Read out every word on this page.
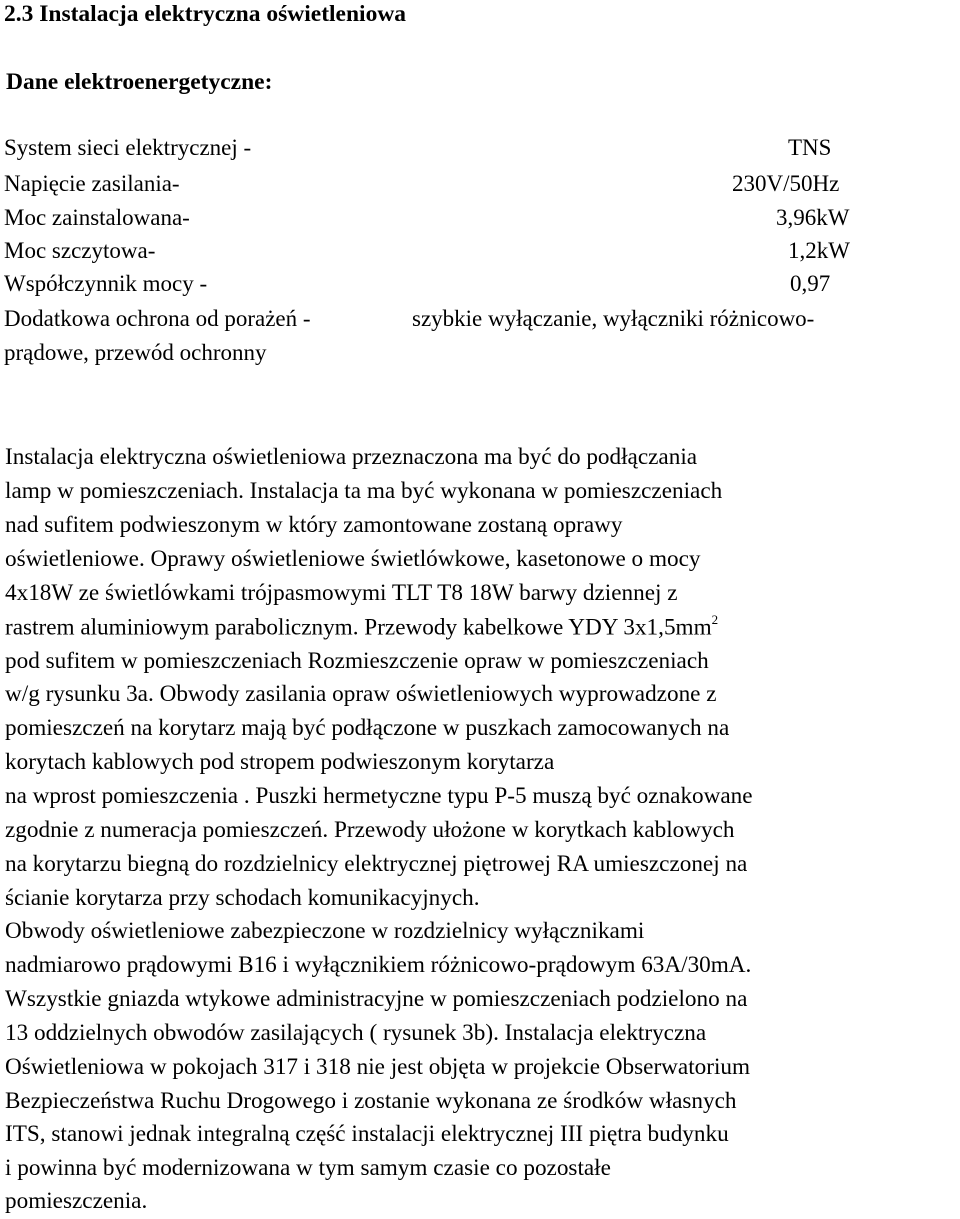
2.3 Instalacja elektryczna oświetleniowa
Dane elektroenergetyczne:
System sieci elektrycznej -	TNS
Napięcie zasilania-	230V/50Hz
Moc zainstalowana-	3,96kW
Moc szczytowa-	1,2kW
Współczynnik mocy -	0,97
Dodatkowa ochrona od porażeń -	szybkie wyłączanie, wyłączniki różnicowo-
prądowe, przewód ochronny
Instalacja elektryczna oświetleniowa przeznaczona ma być do podłączania
lamp w pomieszczeniach. Instalacja ta ma być wykonana w pomieszczeniach
nad sufitem podwieszonym w który zamontowane zostaną oprawy
oświetleniowe. Oprawy oświetleniowe świetlówkowe, kasetonowe o mocy
4x18W ze świetlówkami trójpasmowymi TLT T8 18W barwy dziennej z
rastrem aluminiowym parabolicznym. Przewody kabelkowe YDY $3x1,5mm^2$
pod sufitem w pomieszczeniach Rozmieszczenie opraw w pomieszczeniach
w/g rysunku 3a. Obwody zasilania opraw oświetleniowych wyprowadzone z
pomieszczeń na korytarz mają być podłączone w puszkach zamocowanych na
korytach kablowych pod stropem podwieszonym korytarza
na wprost pomieszczenia . Puszki hermetyczne typu P-5 muszą być oznakowane
zgodnie z numeracja pomieszczeń. Przewody ułożone w korytkach kablowych
na korytarzu biegną do rozdzielnicy elektrycznej piętrowej RA umieszczonej na
ścianie korytarza przy schodach komunikacyjnych.
Obwody oświetleniowe zabezpieczone w rozdzielnicy wyłącznikami
nadmiarowo prądowymi B16 i wyłącznikiem różnicowo-prądowym 63A/30mA.
Wszystkie gniazda wtykowe administracyjne w pomieszczeniach podzielono na
13 oddzielnych obwodów zasilających ( rysunek 3b). Instalacja elektryczna
Oświetleniowa w pokojach 317 i 318 nie jest objęta w projekcie Obserwatorium
Bezpieczeństwa Ruchu Drogowego i zostanie wykonana ze środków własnych
ITS, stanowi jednak integralną część instalacji elektrycznej III piętra budynku
i powinna być modernizowana w tym samym czasie co pozostałe
pomieszczenia.
